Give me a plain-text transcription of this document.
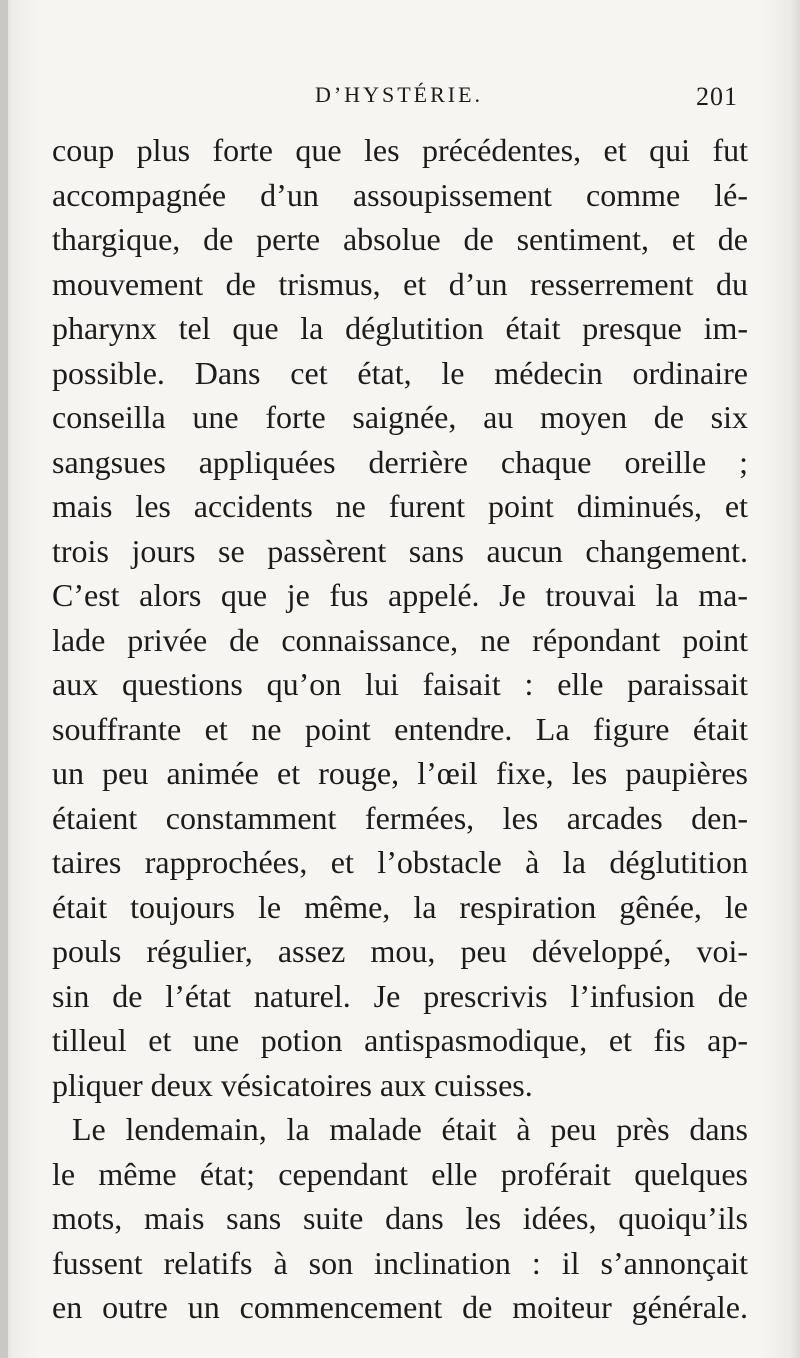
D’HYSTÉRIE.	201
coup plus forte que les précédentes, et qui fut
accompagnée d’un assoupissement comme lé-
thargique, de perte absolue de sentiment, et de
mouvement de trismus, et d’un resserrement du
pharynx tel que la déglutition était presque im-
possible. Dans cet état, le médecin ordinaire
conseilla une forte saignée, au moyen de six
sangsues appliquées derrière chaque oreille ;
mais les accidents ne furent point diminués, et
trois jours se passèrent sans aucun changement.
C’est alors que je fus appelé. Je trouvai la ma-
lade privée de connaissance, ne répondant point
aux questions qu’on lui faisait : elle paraissait
souffrante et ne point entendre. La figure était
un peu animée et rouge, l’œil fixe, les paupières
étaient constamment fermées, les arcades den-
taires rapprochées, et l’obstacle à la déglutition
était toujours le même, la respiration gênée, le
pouls régulier, assez mou, peu développé, voi-
sin de l’état naturel. Je prescrivis l’infusion de
tilleul et une potion antispasmodique, et fis ap-
pliquer deux vésicatoires aux cuisses.
Le lendemain, la malade était à peu près dans
le même état; cependant elle proférait quelques
mots, mais sans suite dans les idées, quoiqu’ils
fussent relatifs à son inclination : il s’annonçait
en outre un commencement de moiteur générale.
